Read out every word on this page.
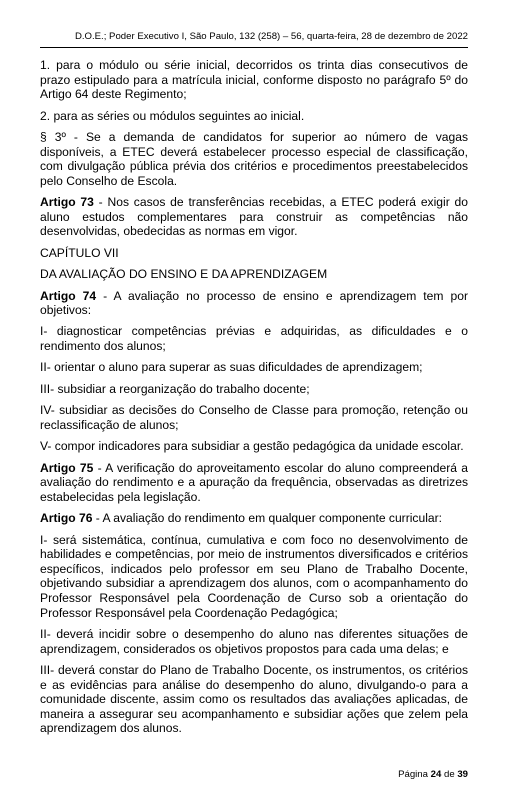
D.O.E.; Poder Executivo I, São Paulo, 132 (258) – 56, quarta-feira, 28 de dezembro de 2022

1. para o módulo ou série inicial, decorridos os trinta dias consecutivos de prazo estipulado para a matrícula inicial, conforme disposto no parágrafo 5º do Artigo 64 deste Regimento;

2. para as séries ou módulos seguintes ao inicial.

§ 3º - Se a demanda de candidatos for superior ao número de vagas disponíveis, a ETEC deverá estabelecer processo especial de classificação, com divulgação pública prévia dos critérios e procedimentos preestabelecidos pelo Conselho de Escola.

Artigo 73 - Nos casos de transferências recebidas, a ETEC poderá exigir do aluno estudos complementares para construir as competências não desenvolvidas, obedecidas as normas em vigor.

CAPÍTULO VII

DA AVALIAÇÃO DO ENSINO E DA APRENDIZAGEM

Artigo 74 - A avaliação no processo de ensino e aprendizagem tem por objetivos:

I- diagnosticar competências prévias e adquiridas, as dificuldades e o rendimento dos alunos;

II- orientar o aluno para superar as suas dificuldades de aprendizagem;

III- subsidiar a reorganização do trabalho docente;

IV- subsidiar as decisões do Conselho de Classe para promoção, retenção ou reclassificação de alunos;

V- compor indicadores para subsidiar a gestão pedagógica da unidade escolar.

Artigo 75 - A verificação do aproveitamento escolar do aluno compreenderá a avaliação do rendimento e a apuração da frequência, observadas as diretrizes estabelecidas pela legislação.

Artigo 76 - A avaliação do rendimento em qualquer componente curricular:

I- será sistemática, contínua, cumulativa e com foco no desenvolvimento de habilidades e competências, por meio de instrumentos diversificados e critérios específicos, indicados pelo professor em seu Plano de Trabalho Docente, objetivando subsidiar a aprendizagem dos alunos, com o acompanhamento do Professor Responsável pela Coordenação de Curso sob a orientação do Professor Responsável pela Coordenação Pedagógica;

II- deverá incidir sobre o desempenho do aluno nas diferentes situações de aprendizagem, considerados os objetivos propostos para cada uma delas; e

III- deverá constar do Plano de Trabalho Docente, os instrumentos, os critérios e as evidências para análise do desempenho do aluno, divulgando-o para a comunidade discente, assim como os resultados das avaliações aplicadas, de maneira a assegurar seu acompanhamento e subsidiar ações que zelem pela aprendizagem dos alunos.

Página 24 de 39
